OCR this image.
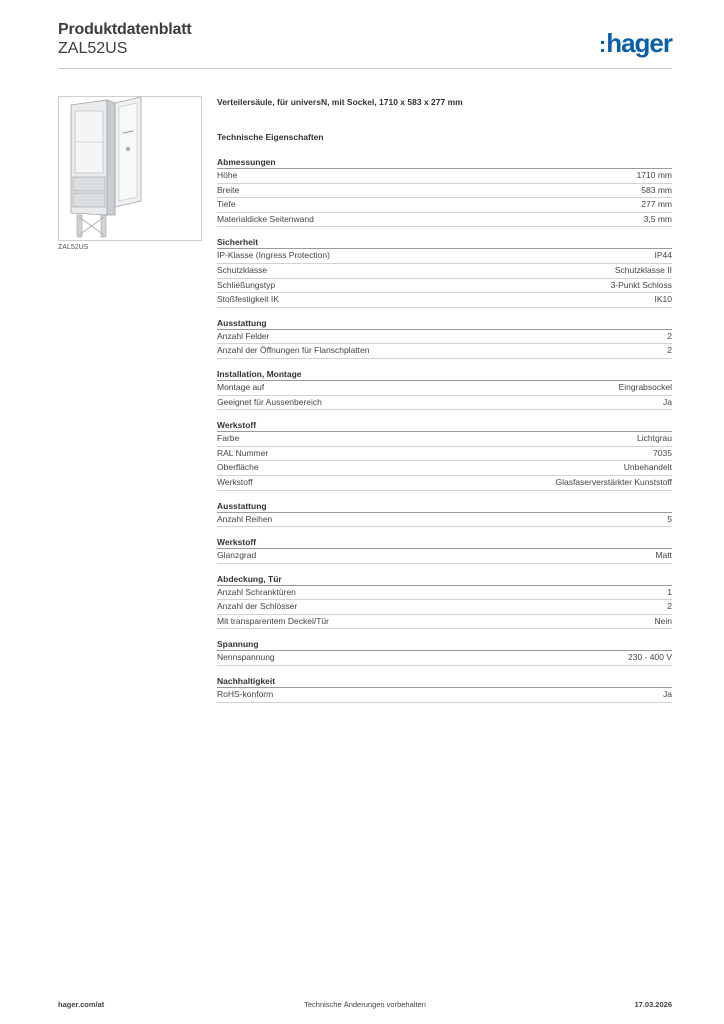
Produktdatenblatt
ZAL52US	:hager
ZAL52US
Verteilersäule, für universN, mit Sockel, 1710 x 583 x 277 mm
Technische Eigenschaften
Abmessungen
Höhe	1710 mm
Breite	583 mm
Tiefe	277 mm
Materialdicke Seitenwand	3,5 mm
Sicherheit
IP-Klasse (Ingress Protection)	IP44
Schutzklasse	Schutzklasse II
Schließungstyp	3-Punkt Schloss
Stoßfestigkeit IK	IK10
Ausstattung
Anzahl Felder	2
Anzahl der Öffnungen für Flanschplatten	2
Installation, Montage
Montage auf	Eingrabsockel
Geeignet für Aussenbereich	Ja
Werkstoff
Farbe	Lichtgrau
RAL Nummer	7035
Oberfläche	Unbehandelt
Werkstoff	Glasfaserverstärkter Kunststoff
Ausstattung
Anzahl Reihen	5
Werkstoff
Glanzgrad	Matt
Abdeckung, Tür
Anzahl Schranktüren	1
Anzahl der Schlösser	2
Mit transparentem Deckel/Tür	Nein
Spannung
Nennspannung	230 - 400 V
Nachhaltigkeit
RoHS-konform	Ja
hager.com/at	Technische Änderungen vorbehalten	17.03.2026
